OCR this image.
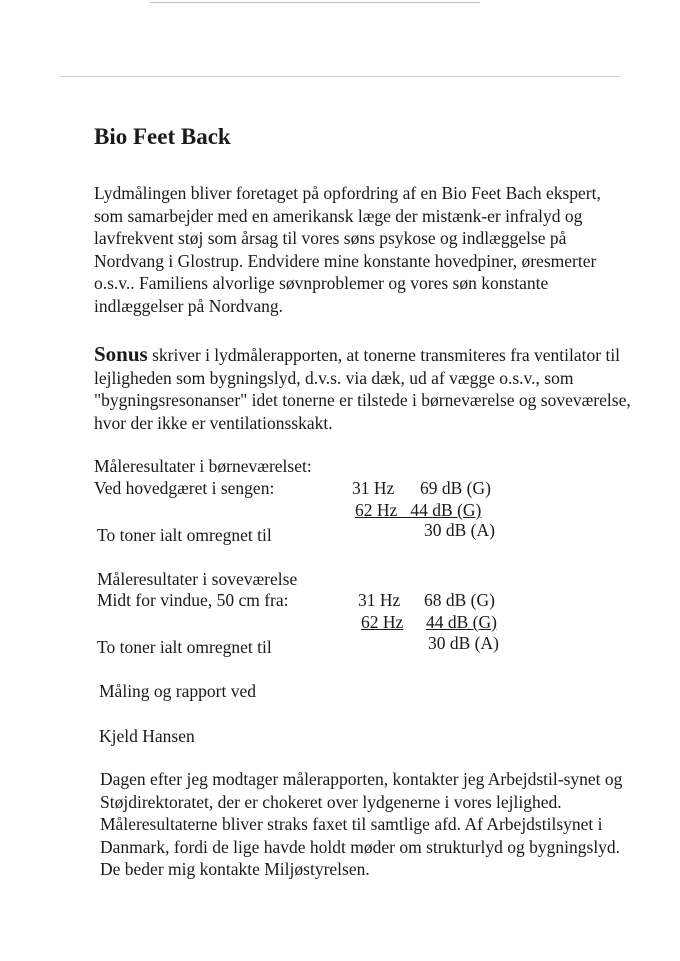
Bio Feet Back

Lydmålingen bliver foretaget på opfordring af en Bio Feet Bach ekspert, som samarbejder med en amerikansk læge der mistænk-er infralyd og lavfrekvent støj som årsag til vores søns psykose og indlæggelse på Nordvang i Glostrup. Endvidere mine konstante hovedpiner, øresmerter o.s.v.. Familiens alvorlige søvnproblemer og vores søn konstante indlæggelser på Nordvang.

Sonus skriver i lydmålerapporten, at tonerne transmiteres fra ventilator til lejligheden som bygningslyd, d.v.s. via dæk, ud af vægge o.s.v., som "bygningsresonanser" idet tonerne er tilstede i børneværelse og soveværelse, hvor der ikke er ventilationsskakt.

Måleresultater i børneværelset:
Ved hovedgæret i sengen:	31 Hz 69 dB (G)
62 Hz   44 dB (G)
To toner ialt omregnet til	30 dB (A)
Måleresultater i soveværelse
Midt for vindue, 50 cm fra:	31 Hz 68 dB (G)
62 Hz 44 dB (G)
To toner ialt omregnet til	30 dB (A)
Måling og rapport ved
Kjeld Hansen

Dagen efter jeg modtager målerapporten, kontakter jeg Arbejdstil-synet og Støjdirektoratet, der er chokeret over lydgenerne i vores lejlighed. Måleresultaterne bliver straks faxet til samtlige afd. Af Arbejdstilsynet i Danmark, fordi de lige havde holdt møder om strukturlyd og bygningslyd. De beder mig kontakte Miljøstyrelsen.
